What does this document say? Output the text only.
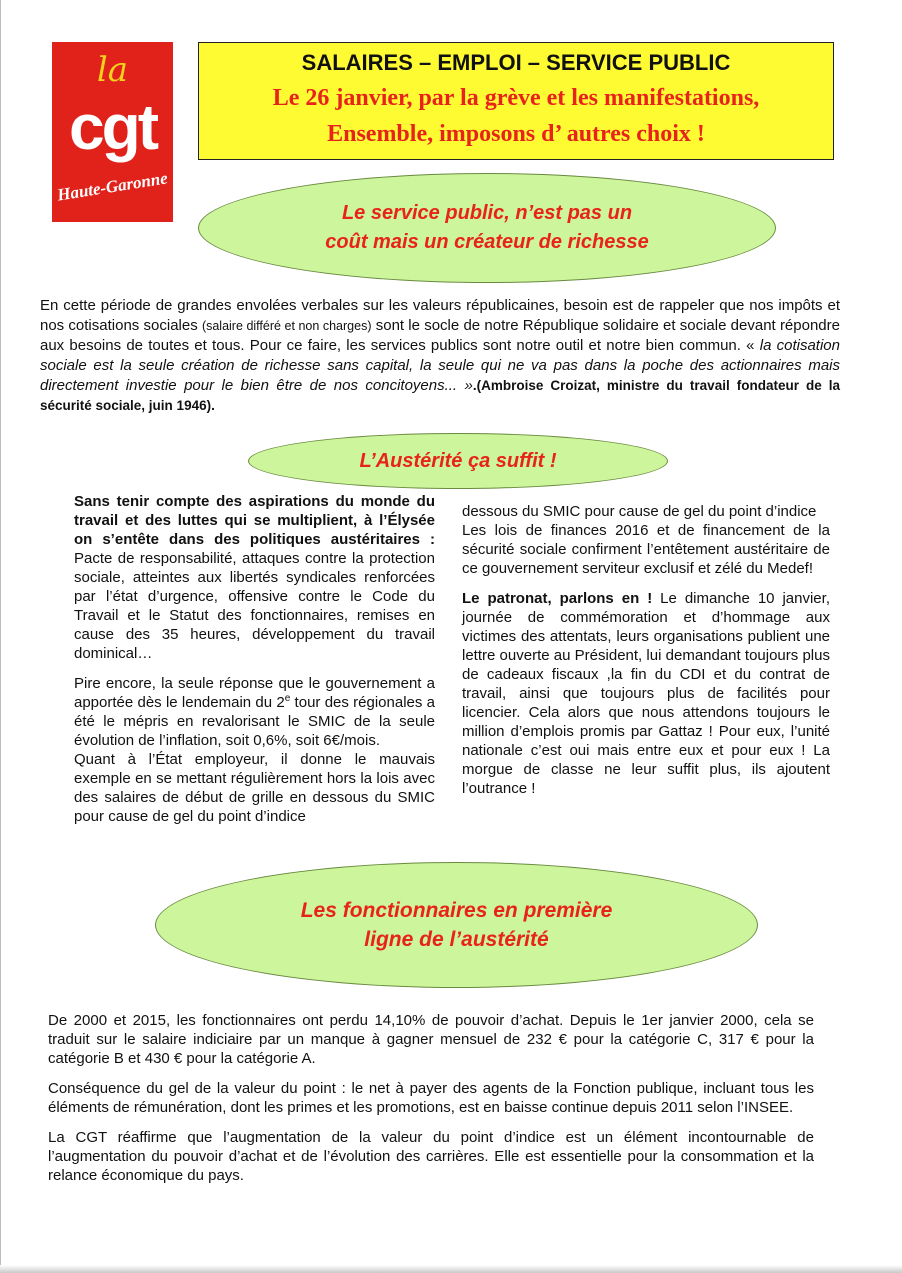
la
cgt
Haute-Garonne
SALAIRES – EMPLOI – SERVICE PUBLIC
Le 26 janvier, par la grève et les manifestations,
Ensemble, imposons d’ autres choix !
Le service public, n’est pas un
coût mais un créateur de richesse
En cette période de grandes envolées verbales sur les valeurs républicaines, besoin est de rappeler que nos impôts et nos cotisations sociales (salaire différé et non charges) sont le socle de notre République solidaire et sociale devant répondre aux besoins de toutes et tous. Pour ce faire, les services publics sont notre outil et notre bien commun. « la cotisation sociale est la seule création de richesse sans capital, la seule qui ne va pas dans la poche des actionnaires mais directement investie pour le bien être de nos concitoyens... ».(Ambroise Croizat, ministre du travail fondateur de la sécurité sociale, juin 1946).
L’Austérité ça suffit !

Sans tenir compte des aspirations du monde du travail et des luttes qui se multiplient, à l’Élysée on s’entête dans des politiques austéritaires : Pacte de responsabilité, attaques contre la protection sociale, atteintes aux libertés syndicales renforcées par l’état d’urgence, offensive contre le Code du Travail et le Statut des fonctionnaires, remises en cause des 35 heures, développement du travail dominical…

Pire encore, la seule réponse que le gouvernement a apportée dès le lendemain du 2e tour des régionales a été le mépris en revalorisant le SMIC de la seule évolution de l’inflation, soit 0,6%, soit 6€/mois.

Quant à l’État employeur, il donne le mauvais exemple en se mettant régulièrement hors la lois avec des salaires de début de grille en dessous du SMIC pour cause de gel du point d’indice

dessous du SMIC pour cause de gel du point d’indice

Les lois de finances 2016 et de financement de la sécurité sociale confirment l’entêtement austéritaire de ce gouvernement serviteur exclusif et zélé du Medef!

Le patronat, parlons en ! Le dimanche 10 janvier, journée de commémoration et d’hommage aux victimes des attentats, leurs organisations publient une lettre ouverte au Président, lui demandant toujours plus de cadeaux fiscaux ,la fin du CDI et du contrat de travail, ainsi que toujours plus de facilités pour licencier. Cela alors que nous attendons toujours le million d’emplois promis par Gattaz ! Pour eux, l’unité nationale c’est oui mais entre eux et pour eux ! La morgue de classe ne leur suffit plus, ils ajoutent l’outrance !

Les fonctionnaires en première
ligne de l’austérité

De 2000 et 2015, les fonctionnaires ont perdu 14,10% de pouvoir d’achat. Depuis le 1er janvier 2000, cela se traduit sur le salaire indiciaire par un manque à gagner mensuel de 232 € pour la catégorie C, 317 € pour la catégorie B et 430 € pour la catégorie A.

Conséquence du gel de la valeur du point : le net à payer des agents de la Fonction publique, incluant tous les éléments de rémunération, dont les primes et les promotions, est en baisse continue depuis 2011 selon l’INSEE.

La CGT réaffirme que l’augmentation de la valeur du point d’indice est un élément incontournable de l’augmentation du pouvoir d’achat et de l’évolution des carrières. Elle est essentielle pour la consommation et la relance économique du pays.
